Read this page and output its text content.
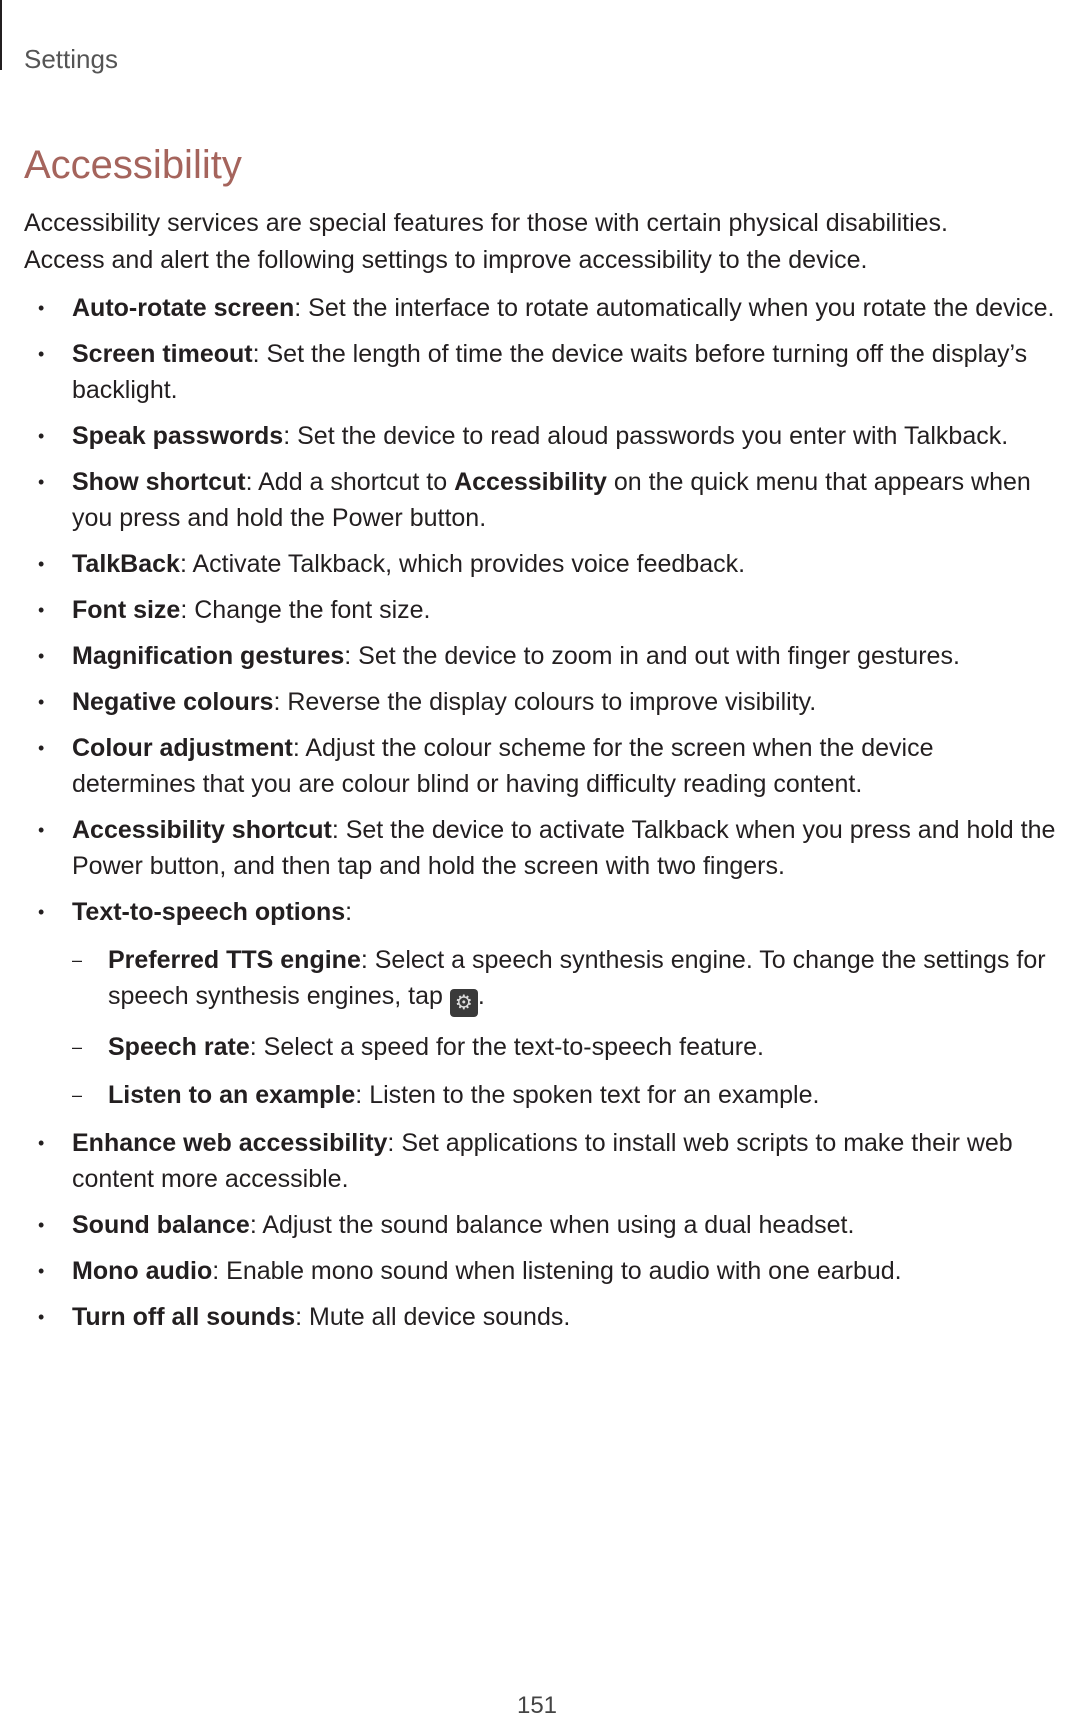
Settings
Accessibility

Accessibility services are special features for those with certain physical disabilities. Access and alert the following settings to improve accessibility to the device.

• Auto-rotate screen: Set the interface to rotate automatically when you rotate the device.
• Screen timeout: Set the length of time the device waits before turning off the display’s backlight.
• Speak passwords: Set the device to read aloud passwords you enter with Talkback.
• Show shortcut: Add a shortcut to Accessibility on the quick menu that appears when you press and hold the Power button.
• TalkBack: Activate Talkback, which provides voice feedback.
• Font size: Change the font size.
• Magnification gestures: Set the device to zoom in and out with finger gestures.
• Negative colours: Reverse the display colours to improve visibility.
• Colour adjustment: Adjust the colour scheme for the screen when the device determines that you are colour blind or having difficulty reading content.
• Accessibility shortcut: Set the device to activate Talkback when you press and hold the Power button, and then tap and hold the screen with two fingers.
• Text-to-speech options:
– Preferred TTS engine: Select a speech synthesis engine. To change the settings for speech synthesis engines, tap ⚙ .
– Speech rate: Select a speed for the text-to-speech feature.
– Listen to an example: Listen to the spoken text for an example.
• Enhance web accessibility: Set applications to install web scripts to make their web content more accessible.
• Sound balance: Adjust the sound balance when using a dual headset.
• Mono audio: Enable mono sound when listening to audio with one earbud.
• Turn off all sounds: Mute all device sounds.
151
